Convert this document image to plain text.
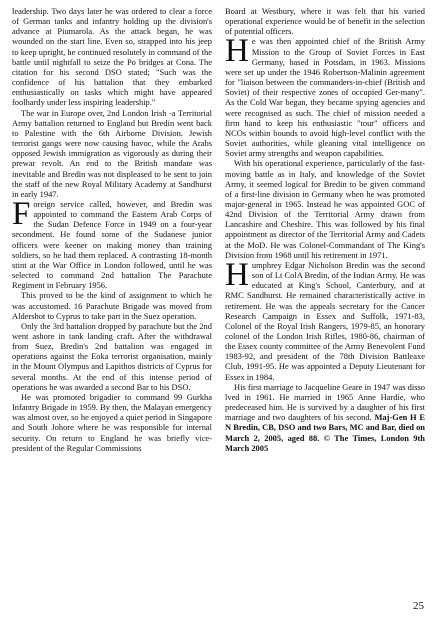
leadership. Two days later he was ordered to clear a force of German tanks and infantry holding up the division's advance at Piumarola. As the attack began, he was wounded on the start line. Even so, strapped into his jeep to keep upright, he continued resolutely in command of the battle until nightfall to seize the Po bridges at Cona. The citation for his second DSO stated; "Such was the confidence of his battalion that they embarked enthusiastically on tasks which might have appeared foolhardy under less inspiring leadership."

The war in Europe over, 2nd London Irish -a Territorial Army battalion returned to England but Bredin went back to Palestine with the 6th Airborne Division. Jewish terrorist gangs were now causing havoc, while the Arabs opposed Jewish immigration as vigorously as during their prewar revolt. An end to the British mandate was inevitable and Bredin was not displeased to be sent to join the staff of the new Royal Military Academy at Sandhurst in early 1947.

Foreign service called, however, and Bredin was appointed to command the Eastern Arab Corps of the Sudan Defence Force in 1949 on a four-year secondment. He found some of the Sudanese junior officers were keener on making money than training soldiers, so he had them replaced. A contrasting 18-month stint at the War Office in London followed, until he was selected to command 2nd battalion The Parachute Regiment in February 1956.

This proved to be the kind of assignment to which he was accustomed. 16 Parachute Brigade was moved from Aldershot to Cyprus to take part in the Suez operation.

Only the 3rd battalion dropped by parachute but the 2nd went ashore in tank landing craft. After the withdrawal from Suez, Bredin's 2nd battalion was engaged in operations against the Eoka terrorist organisation, mainly in the Mount Olympus and Lapithos districts of Cyprus for several months. At the end of this intense period of operations he was awarded a second Bar to his DSO.

He was promoted brigadier to command 99 Gurkha Infantry Brigade in 1959. By then, the Malayan emergency was almost over, so he enjoyed a quiet period in Singapore and South Johore where he was responsible for internal security. On return to England he was briefly vice-president of the Regular Commissions

Board at Westbury, where it was felt that his varied operational experience would be of benefit in the selection of potential officers.

He was then appointed chief of the British Army Mission to the Group of Soviet Forces in East Germany, based in Potsdam, in 1963. Missions were set up under the 1946 Robertson-Malinin agreement for "liaison between the commanders-in-chief (British and Soviet) of their respective zones of occupied Ger-many". As the Cold War began, they became spying agencies and were recognised as such. The chief of mission needed a firm hand to keep his enthusiastic "tour" officers and NCOs within bounds to avoid high-level conflict with the Soviet authorities, while gleaning vital intelligence on Soviet army strengths and weapon capabilities.

With his operational experience, particularly of the fast-moving battle as in Italy, and knowledge of the Soviet Army, it seemed logical for Bredin to be given command of a first-line division in Germany when he was promoted major-general in 1965. Instead he was appointed GOC of 42nd Division of the Territorial Army drawn from Lancashire and Cheshire. This was followed by his final appointment as director of the Territorial Army and Cadets at the MoD. He was Colonel-Commandant of The King's Division from 1968 until his retirement in 1971.

Humphrey Edgar Nicholson Bredin was the second son of Lt ColA Bredin, of the Indian Army. He was educated at King's School, Canterbury, and at RMC Sandhurst. He remained characteristically active in retirement. He was the appeals secretary for the Cancer Research Campaign in Essex and Suffolk, 1971-83, Colonel of the Royal Irish Rangers, 1979-85, an honorary colonel of the London Irish Rifles, 1980-86, chairman of the Essex county committee of the Army Benevolent Fund 1983-92, and president of the 78th Division Battleaxe Club, 1991-95. He was appointed a Deputy Lieutenant for Essex in 1984.

His first marriage to Jacqueline Geare in 1947 was disso lved in 1961. He married in 1965 Anne Hardie, who predeceased him. He is survived by a daughter of his first marriage and two daughters of his second. Maj-Gen H E N Bredin, CB, DSO and two Bars, MC and Bar, died on March 2, 2005, aged 88. © The Times, London 9th March 2005

25
